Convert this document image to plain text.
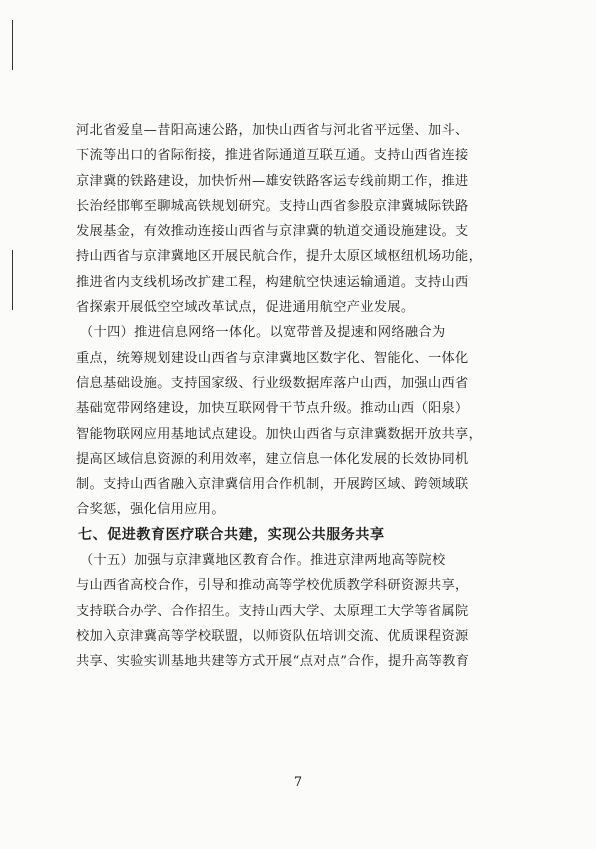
河北省爱皇—昔阳高速公路，加快山西省与河北省平远堡、加斗、
下流等出口的省际衔接，推进省际通道互联互通。支持山西省连接
京津冀的铁路建设，加快忻州—雄安铁路客运专线前期工作，推进
长治经邯郸至聊城高铁规划研究。支持山西省参股京津冀城际铁路
发展基金，有效推动连接山西省与京津冀的轨道交通设施建设。支
持山西省与京津冀地区开展民航合作，提升太原区域枢纽机场功能，
推进省内支线机场改扩建工程，构建航空快速运输通道。支持山西
省探索开展低空空域改革试点，促进通用航空产业发展。
（十四）推进信息网络一体化。以宽带普及提速和网络融合为
重点，统筹规划建设山西省与京津冀地区数字化、智能化、一体化
信息基础设施。支持国家级、行业级数据库落户山西，加强山西省
基础宽带网络建设，加快互联网骨干节点升级。推动山西（阳泉）
智能物联网应用基地试点建设。加快山西省与京津冀数据开放共享，
提高区域信息资源的利用效率，建立信息一体化发展的长效协同机
制。支持山西省融入京津冀信用合作机制，开展跨区域、跨领域联
合奖惩，强化信用应用。
七、促进教育医疗联合共建，实现公共服务共享
（十五）加强与京津冀地区教育合作。推进京津两地高等院校
与山西省高校合作，引导和推动高等学校优质教学科研资源共享，
支持联合办学、合作招生。支持山西大学、太原理工大学等省属院
校加入京津冀高等学校联盟，以师资队伍培训交流、优质课程资源
共享、实验实训基地共建等方式开展“点对点”合作，提升高等教育
7
